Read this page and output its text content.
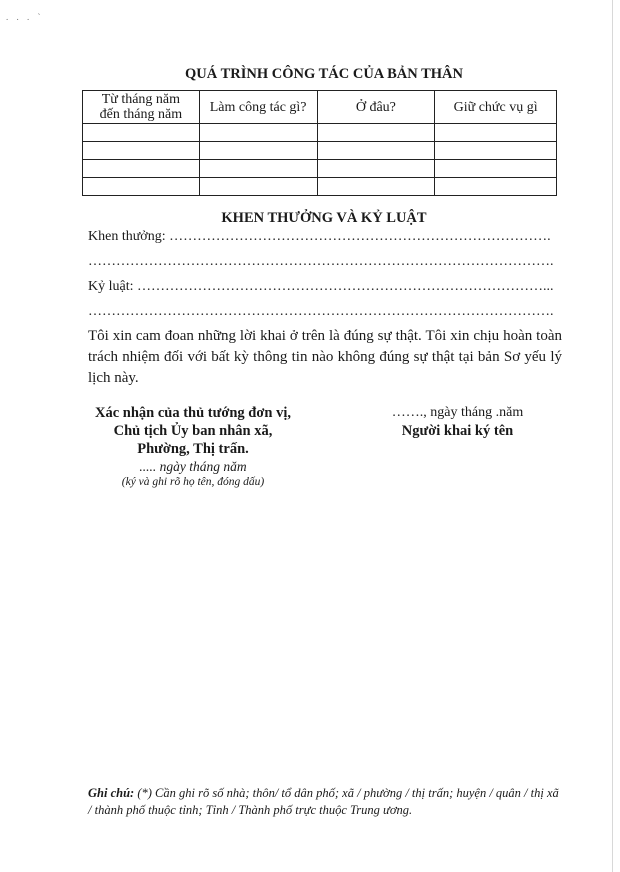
. . . `
QUÁ TRÌNH CÔNG TÁC CỦA BẢN THÂN
Từ tháng năm
đến tháng năm	Làm công tác gì?	Ở đâu?	Giữ chức vụ gì

KHEN THƯỞNG VÀ KỶ LUẬT
Khen thưởng: ……………………………………………………………………….
……………………………………………………………………………………….
Kỷ luật: ……………………………………………………………………………...
……………………………………………………………………………………….
Tôi xin cam đoan những lời khai ở trên là đúng sự thật. Tôi xin chịu hoàn toàn trách nhiệm đối với bất kỳ thông tin nào không đúng sự thật tại bản Sơ yếu lý lịch này.
Xác nhận của thủ tướng đơn vị,
Chủ tịch Ủy ban nhân xã,
Phường, Thị trấn.
..... ngày tháng năm
(ký và ghi rõ họ tên, đóng dấu)
……., ngày tháng .năm
Người khai ký tên
Ghi chú: (*) Cần ghi rõ số nhà; thôn/ tổ dân phố; xã / phường / thị trấn; huyện / quân / thị xã / thành phố thuộc tỉnh; Tỉnh / Thành phố trực thuộc Trung ương.
